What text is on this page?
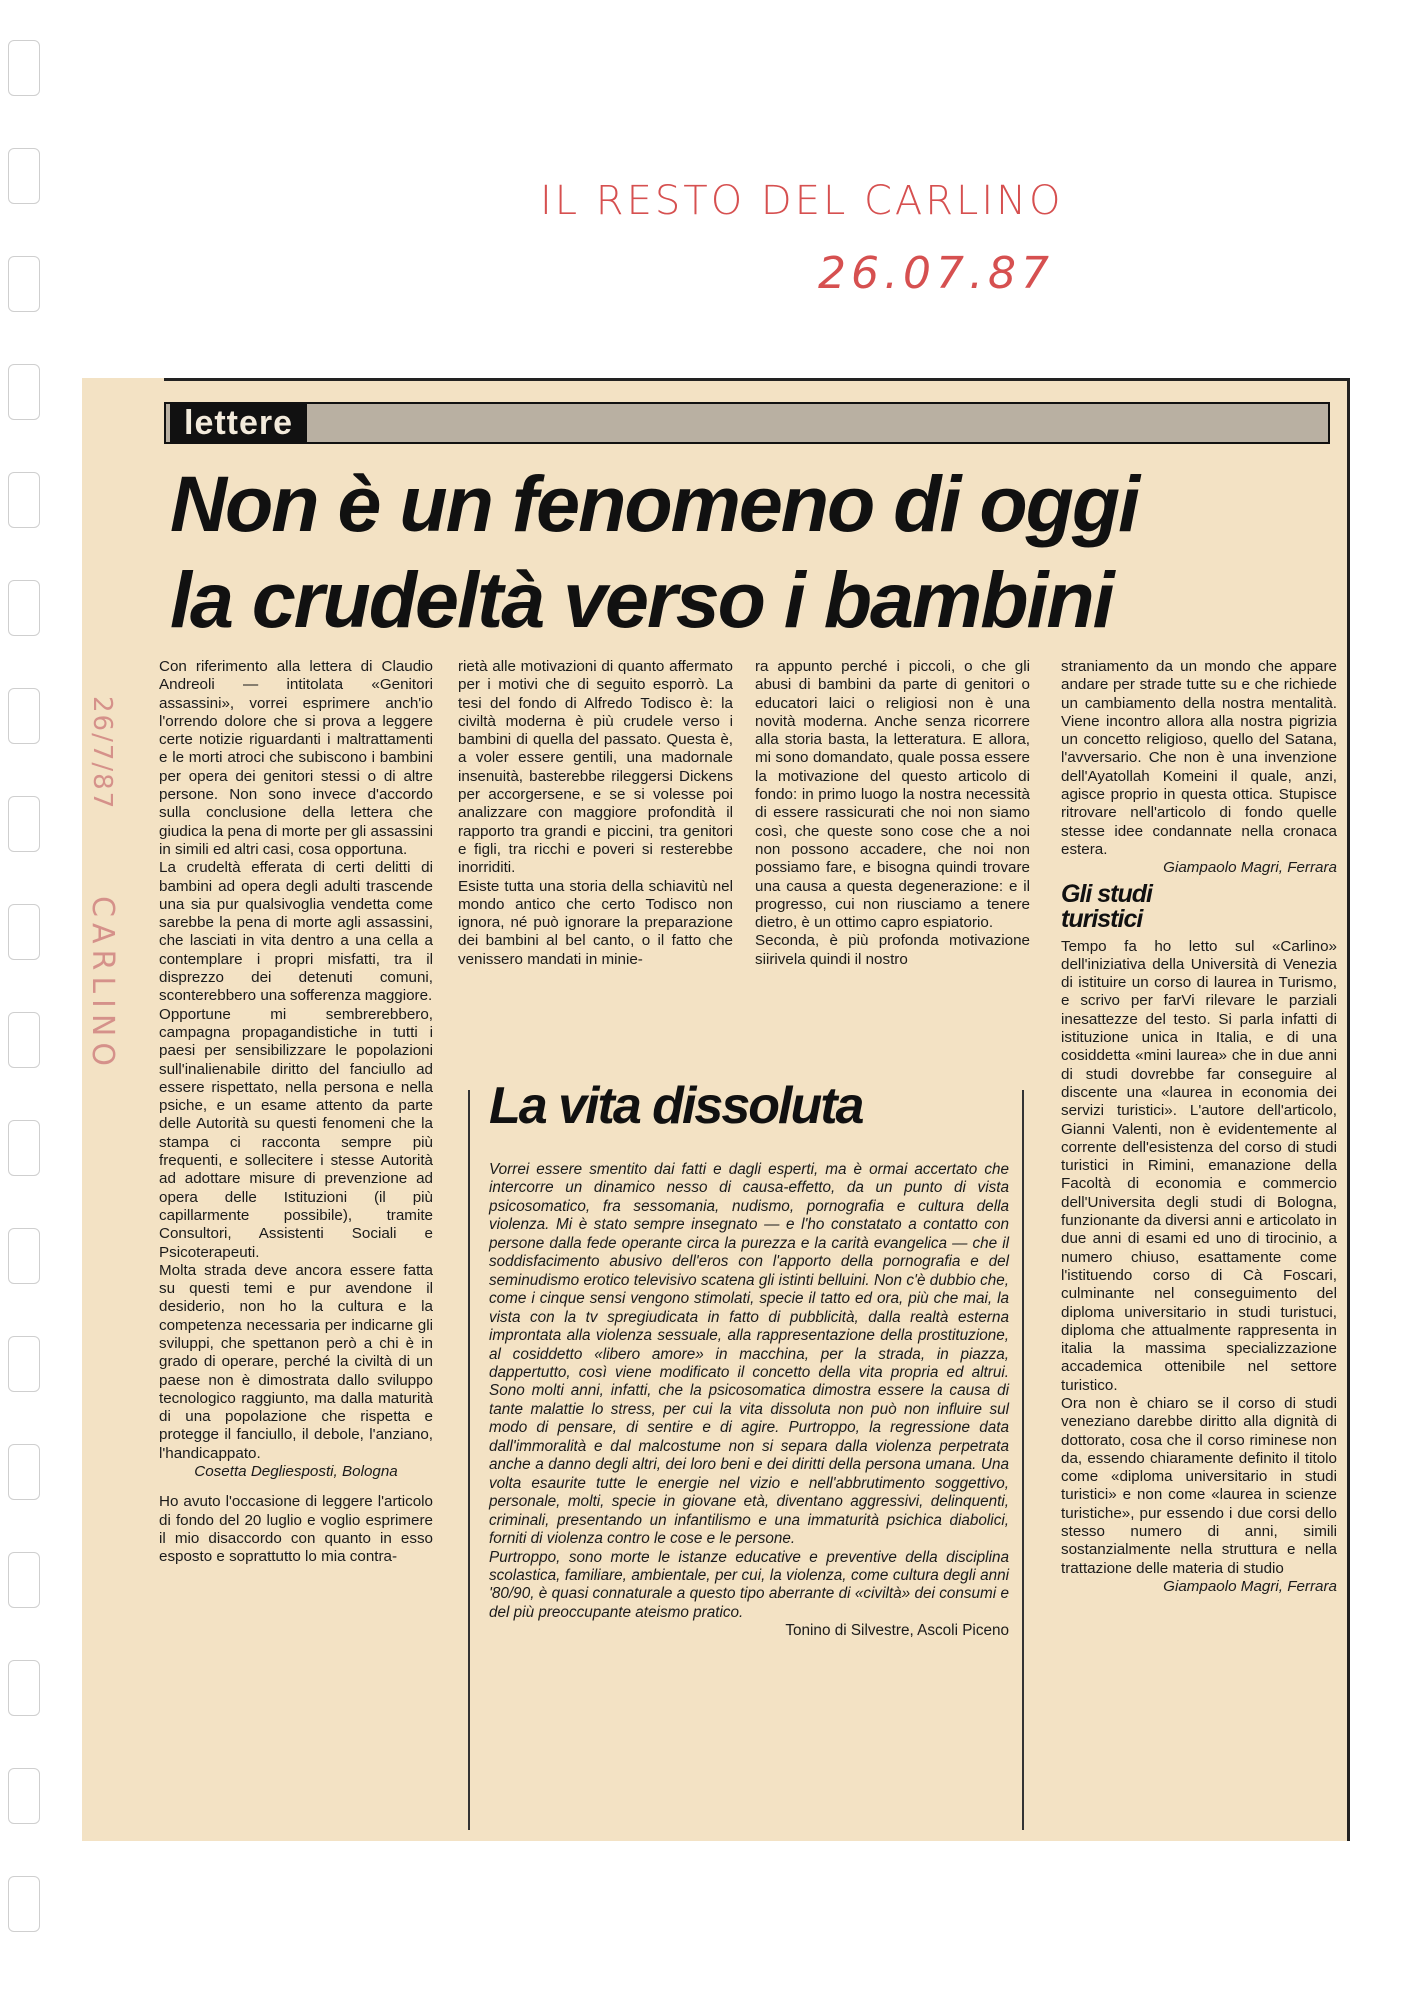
IL RESTO DEL CARLINO
26.07.87
lettere
Non è un fenomeno di oggi
la crudeltà verso i bambini
26/7/87
CARLINO

Con riferimento alla lettera di Claudio Andreoli — intitolata «Genitori assassini», vorrei esprimere anch'io l'orrendo dolore che si prova a leggere certe notizie riguardanti i maltrattamenti e le morti atroci che subiscono i bambini per opera dei genitori stessi o di altre persone. Non sono invece d'accordo sulla conclusione della lettera che giudica la pena di morte per gli assassini in simili ed altri casi, cosa opportuna.

La crudeltà efferata di certi delitti di bambini ad opera degli adulti trascende una sia pur qualsivoglia vendetta come sarebbe la pena di morte agli assassini, che lasciati in vita dentro a una cella a contemplare i propri misfatti, tra il disprezzo dei detenuti comuni, sconterebbero una sofferenza maggiore.

Opportune mi sembrerebbero, campagna propagandistiche in tutti i paesi per sensibilizzare le popolazioni sull'inalienabile diritto del fanciullo ad essere rispettato, nella persona e nella psiche, e un esame attento da parte delle Autorità su questi fenomeni che la stampa ci racconta sempre più frequenti, e sollecitere i stesse Autorità ad adottare misure di prevenzione ad opera delle Istituzioni (il più capillarmente possibile), tramite Consultori, Assistenti Sociali e Psicoterapeuti.

Molta strada deve ancora essere fatta su questi temi e pur avendone il desiderio, non ho la cultura e la competenza necessaria per indicarne gli sviluppi, che spettanon però a chi è in grado di operare, perché la civiltà di un paese non è dimostrata dallo sviluppo tecnologico raggiunto, ma dalla maturità di una popolazione che rispetta e protegge il fanciullo, il debole, l'anziano, l'handicappato.

Cosetta Degliesposti, Bologna

Ho avuto l'occasione di leggere l'articolo di fondo del 20 luglio e voglio esprimere il mio disaccordo con quanto in esso esposto e soprattutto lo mia contra-

rietà alle motivazioni di quanto affermato per i motivi che di seguito esporrò. La tesi del fondo di Alfredo Todisco è: la civiltà moderna è più crudele verso i bambini di quella del passato. Questa è, a voler essere gentili, una madornale insenuità, basterebbe rileggersi Dickens per accorgersene, e se si volesse poi analizzare con maggiore profondità il rapporto tra grandi e piccini, tra genitori e figli, tra ricchi e poveri si resterebbe inorriditi.

Esiste tutta una storia della schiavitù nel mondo antico che certo Todisco non ignora, né può ignorare la preparazione dei bambini al bel canto, o il fatto che venissero mandati in minie-

ra appunto perché i piccoli, o che gli abusi di bambini da parte di genitori o educatori laici o religiosi non è una novità moderna. Anche senza ricorrere alla storia basta, la letteratura. E allora, mi sono domandato, quale possa essere la motivazione del questo articolo di fondo: in primo luogo la nostra necessità di essere rassicurati che noi non siamo così, che queste sono cose che a noi non possono accadere, che noi non possiamo fare, e bisogna quindi trovare una causa a questa degenerazione: e il progresso, cui non riusciamo a tenere dietro, è un ottimo capro espiatorio.

Seconda, è più profonda motivazione siirivela quindi il nostro

straniamento da un mondo che appare andare per strade tutte su e che richiede un cambiamento della nostra mentalità. Viene incontro allora alla nostra pigrizia un concetto religioso, quello del Satana, l'avversario. Che non è una invenzione dell'Ayatollah Komeini il quale, anzi, agisce proprio in questa ottica. Stupisce ritrovare nell'articolo di fondo quelle stesse idee condannate nella cronaca estera.

Giampaolo Magri, Ferrara

Gli studi
turistici

Tempo fa ho letto sul «Carlino» dell'iniziativa della Università di Venezia di istituire un corso di laurea in Turismo, e scrivo per farVi rilevare le parziali inesattezze del testo. Si parla infatti di istituzione unica in Italia, e di una cosiddetta «mini laurea» che in due anni di studi dovrebbe far conseguire al discente una «laurea in economia dei servizi turistici». L'autore dell'articolo, Gianni Valenti, non è evidentemente al corrente dell'esistenza del corso di studi turistici in Rimini, emanazione della Facoltà di economia e commercio dell'Universita degli studi di Bologna, funzionante da diversi anni e articolato in due anni di esami ed uno di tirocinio, a numero chiuso, esattamente come l'istituendo corso di Cà Foscari, culminante nel conseguimento del diploma universitario in studi turistuci, diploma che attualmente rappresenta in italia la massima specializzazione accademica ottenibile nel settore turistico.

Ora non è chiaro se il corso di studi veneziano darebbe diritto alla dignità di dottorato, cosa che il corso riminese non da, essendo chiaramente definito il titolo come «diploma universitario in studi turistici» e non come «laurea in scienze turistiche», pur essendo i due corsi dello stesso numero di anni, simili sostanzialmente nella struttura e nella trattazione delle materia di studio

Giampaolo Magri, Ferrara

La vita dissoluta

Vorrei essere smentito dai fatti e dagli esperti, ma è ormai accertato che intercorre un dinamico nesso di causa-effetto, da un punto di vista psicosomatico, fra sessomania, nudismo, pornografia e cultura della violenza. Mi è stato sempre insegnato — e l'ho constatato a contatto con persone dalla fede operante circa la purezza e la carità evangelica — che il soddisfacimento abusivo dell'eros con l'apporto della pornografia e del seminudismo erotico televisivo scatena gli istinti belluini. Non c'è dubbio che, come i cinque sensi vengono stimolati, specie il tatto ed ora, più che mai, la vista con la tv spregiudicata in fatto di pubblicità, dalla realtà esterna improntata alla violenza sessuale, alla rappresentazione della prostituzione, al cosiddetto «libero amore» in macchina, per la strada, in piazza, dappertutto, così viene modificato il concetto della vita propria ed altrui. Sono molti anni, infatti, che la psicosomatica dimostra essere la causa di tante malattie lo stress, per cui la vita dissoluta non può non influire sul modo di pensare, di sentire e di agire. Purtroppo, la regressione data dall'immoralità e dal malcostume non si separa dalla violenza perpetrata anche a danno degli altri, dei loro beni e dei diritti della persona umana. Una volta esaurite tutte le energie nel vizio e nell'abbrutimento soggettivo, personale, molti, specie in giovane età, diventano aggressivi, delinquenti, criminali, presentando un infantilismo e una immaturità psichica diabolici, forniti di violenza contro le cose e le persone.

Purtroppo, sono morte le istanze educative e preventive della disciplina scolastica, familiare, ambientale, per cui, la violenza, come cultura degli anni '80/90, è quasi connaturale a questo tipo aberrante di «civiltà» dei consumi e del più preoccupante ateismo pratico.

Tonino di Silvestre, Ascoli Piceno
